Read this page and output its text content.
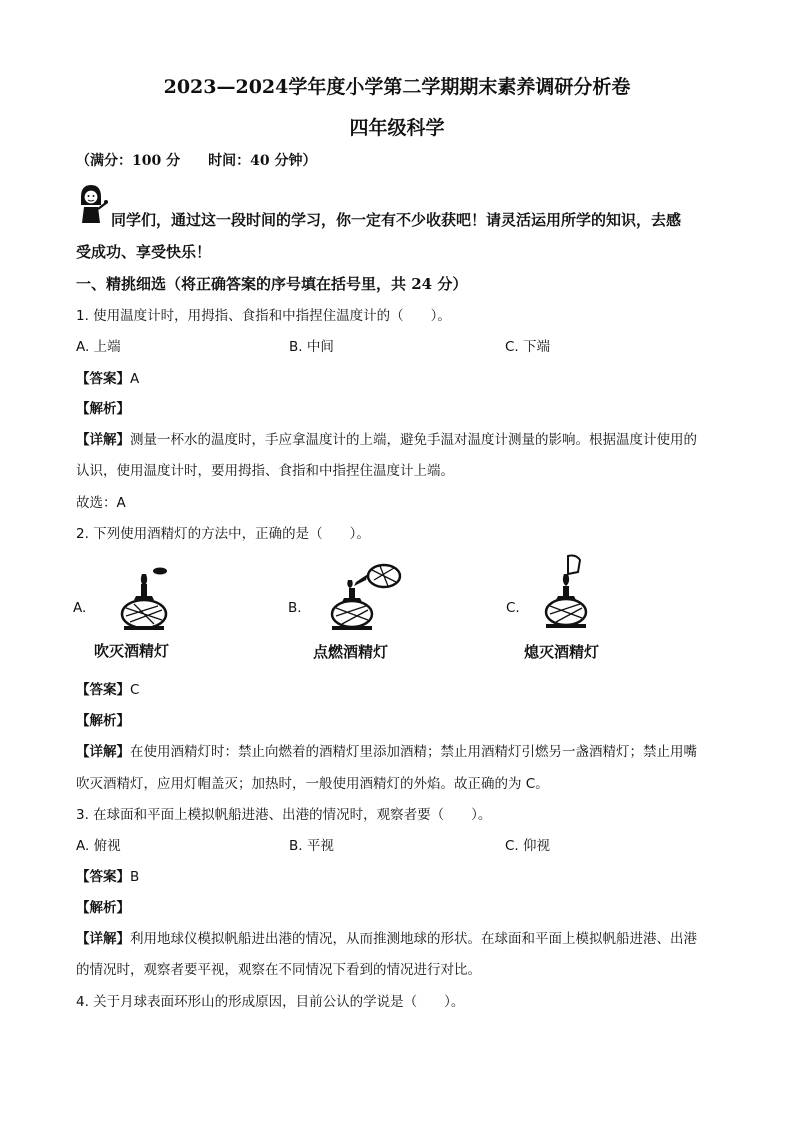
2023—2024学年度小学第二学期期末素养调研分析卷
四年级科学
（满分：100 分　　时间：40 分钟）
同学们，通过这一段时间的学习，你一定有不少收获吧！请灵活运用所学的知识，去感
受成功、享受快乐！
一、精挑细选（将正确答案的序号填在括号里，共 24 分）
1. 使用温度计时，用拇指、食指和中指捏住温度计的（　　）。
A. 上端	B. 中间	C. 下端
【答案】A
【解析】
【详解】测量一杯水的温度时，手应拿温度计的上端，避免手温对温度计测量的影响。根据温度计使用的
认识，使用温度计时，要用拇指、食指和中指捏住温度计上端。
故选：A
2. 下列使用酒精灯的方法中，正确的是（　　）。
A.	B.	C.
吹灭酒精灯	点燃酒精灯	熄灭酒精灯
【答案】C
【解析】
【详解】在使用酒精灯时：禁止向燃着的酒精灯里添加酒精；禁止用酒精灯引燃另一盏酒精灯；禁止用嘴
吹灭酒精灯，应用灯帽盖灭；加热时，一般使用酒精灯的外焰。故正确的为 C。
3. 在球面和平面上模拟帆船进港、出港的情况时，观察者要（　　）。
A. 俯视	B. 平视	C. 仰视
【答案】B
【解析】
【详解】利用地球仪模拟帆船进出港的情况，从而推测地球的形状。在球面和平面上模拟帆船进港、出港
的情况时，观察者要平视，观察在不同情况下看到的情况进行对比。
4. 关于月球表面环形山的形成原因，目前公认的学说是（　　）。
